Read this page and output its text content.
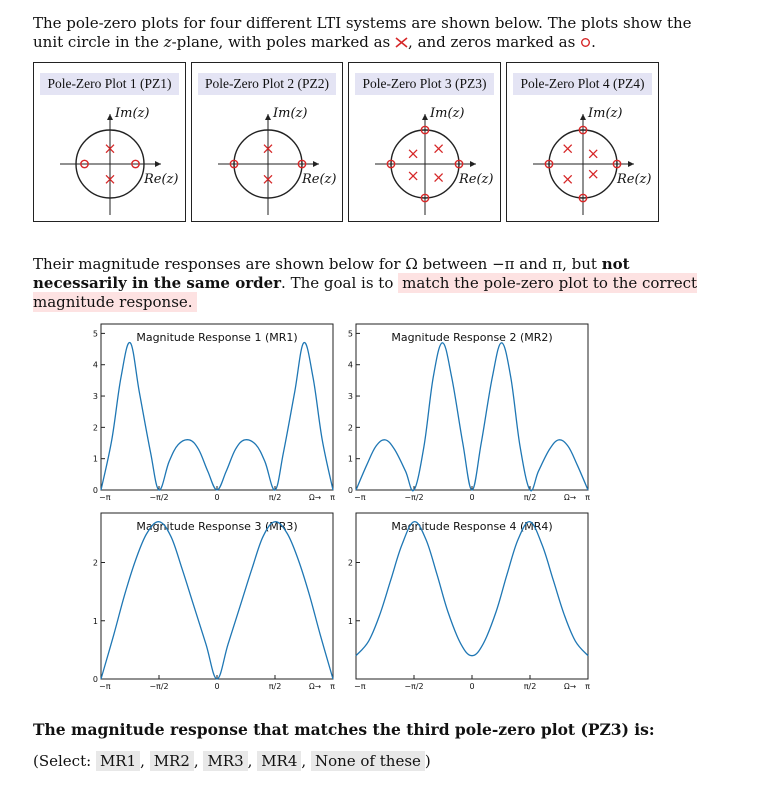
The pole-zero plots for four different LTI systems are shown below. The plots show the unit circle in the z-plane, with poles marked as , and zeros marked as .
Pole-Zero Plot 1 (PZ1)
Im(z)
Re(z)
Pole-Zero Plot 2 (PZ2)
Im(z)
Re(z)
Pole-Zero Plot 3 (PZ3)
Im(z)
Re(z)
Pole-Zero Plot 4 (PZ4)
Im(z)
Re(z)
Their magnitude responses are shown below for Ω between −π and π, but not necessarily in the same order. The goal is to match the pole-zero plot to the correct magnitude response.
Magnitude Response 1 (MR1)
0
1
2
3
4
5
−π	−π/2	0	π/2	π
Ω→
Magnitude Response 2 (MR2)
0
1
2
3
4
5
−π	−π/2	0	π/2	π
Ω→
Magnitude Response 3 (MR3)
0
1
2
−π	−π/2	0	π/2	π
Ω→
Magnitude Response 4 (MR4)
1
2
−π	−π/2	0	π/2	π
Ω→
The magnitude response that matches the third pole-zero plot (PZ3) is:
(Select: MR1 , MR2 , MR3 , MR4 , None of these )
